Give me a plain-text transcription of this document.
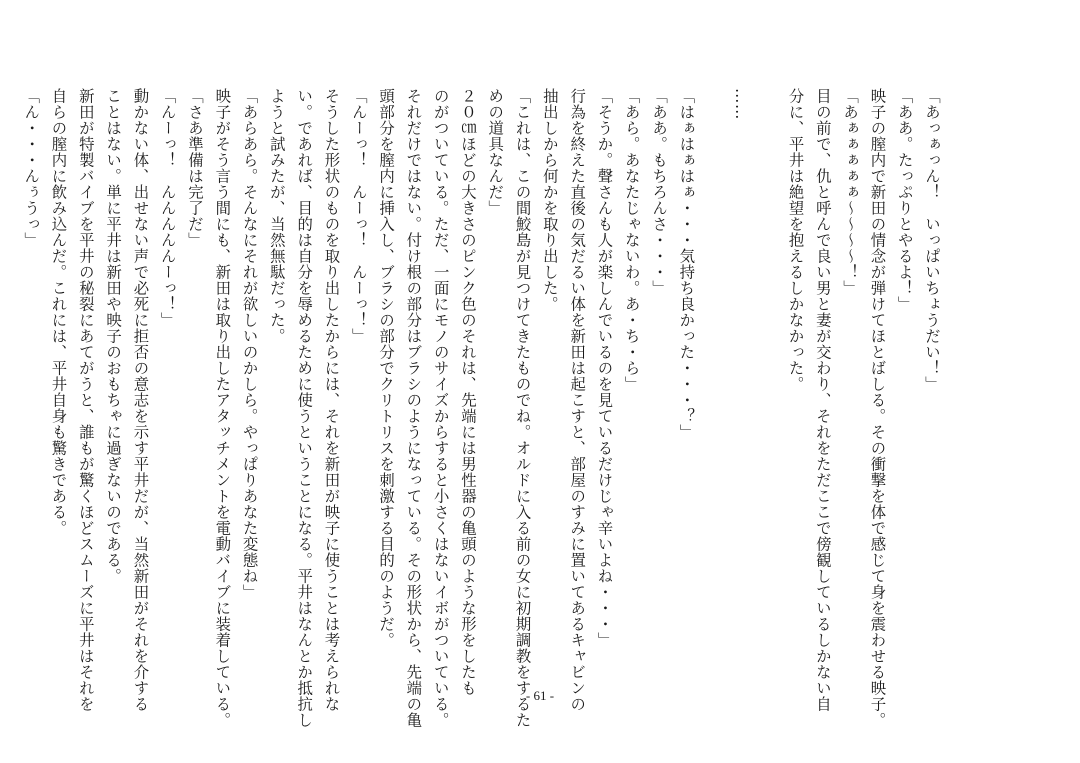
「あっぁっん！　いっぱいちょうだい！」
「ああ。たっぷりとやるよ！」
映子の膣内で新田の情念が弾けてほとばしる。その衝撃を体で感じて身を震わせる映子。
「あぁぁぁぁぁ〜〜〜〜！」
目の前で、仇と呼んで良い男と妻が交わり、それをただここで傍観しているしかない自
分に、平井は絶望を抱えるしかなかった。
……
「はぁはぁはぁ・・・気持ち良かった・・・？」
「ああ。もちろんさ・・・」
「あら。あなたじゃないわ。あ・ち・ら」
「そうか。聲さんも人が楽しんでいるのを見ているだけじゃ辛いよね・・・」
行為を終えた直後の気だるい体を新田は起こすと、部屋のすみに置いてあるキャビンの
抽出しから何かを取り出した。
「これは、この間鮫島が見つけてきたものでね。オルドに入る前の女に初期調教をするた
めの道具なんだ」
２０㎝ほどの大きさのピンク色のそれは、先端には男性器の亀頭のような形をしたも
のがついている。ただ、一面にモノのサイズからすると小さくはないイボがついている。
それだけではない。付け根の部分はブラシのようになっている。その形状から、先端の亀
頭部分を膣内に挿入し、ブラシの部分でクリトリスを刺激する目的のようだ。
「んーっ！　んーっ！　んーっ！」
そうした形状のものを取り出したからには、それを新田が映子に使うことは考えられな
い。であれば、目的は自分を辱めるために使うということになる。平井はなんとか抵抗し
ようと試みたが、当然無駄だった。
「あらあら。そんなにそれが欲しいのかしら。やっぱりあなた変態ね」
映子がそう言う間にも、新田は取り出したアタッチメントを電動バイブに装着している。
「さあ準備は完了だ」
「んーっ！　んんんんんーっ！」
動かない体、出せない声で必死に拒否の意志を示す平井だが、当然新田がそれを介する
ことはない。単に平井は新田や映子のおもちゃに過ぎないのである。
新田が特製バイブを平井の秘裂にあてがうと、誰もが驚くほどスムーズに平井はそれを
自らの膣内に飲み込んだ。これには、平井自身も驚きである。
「ん・・・んぅうっ」
- 61 -
